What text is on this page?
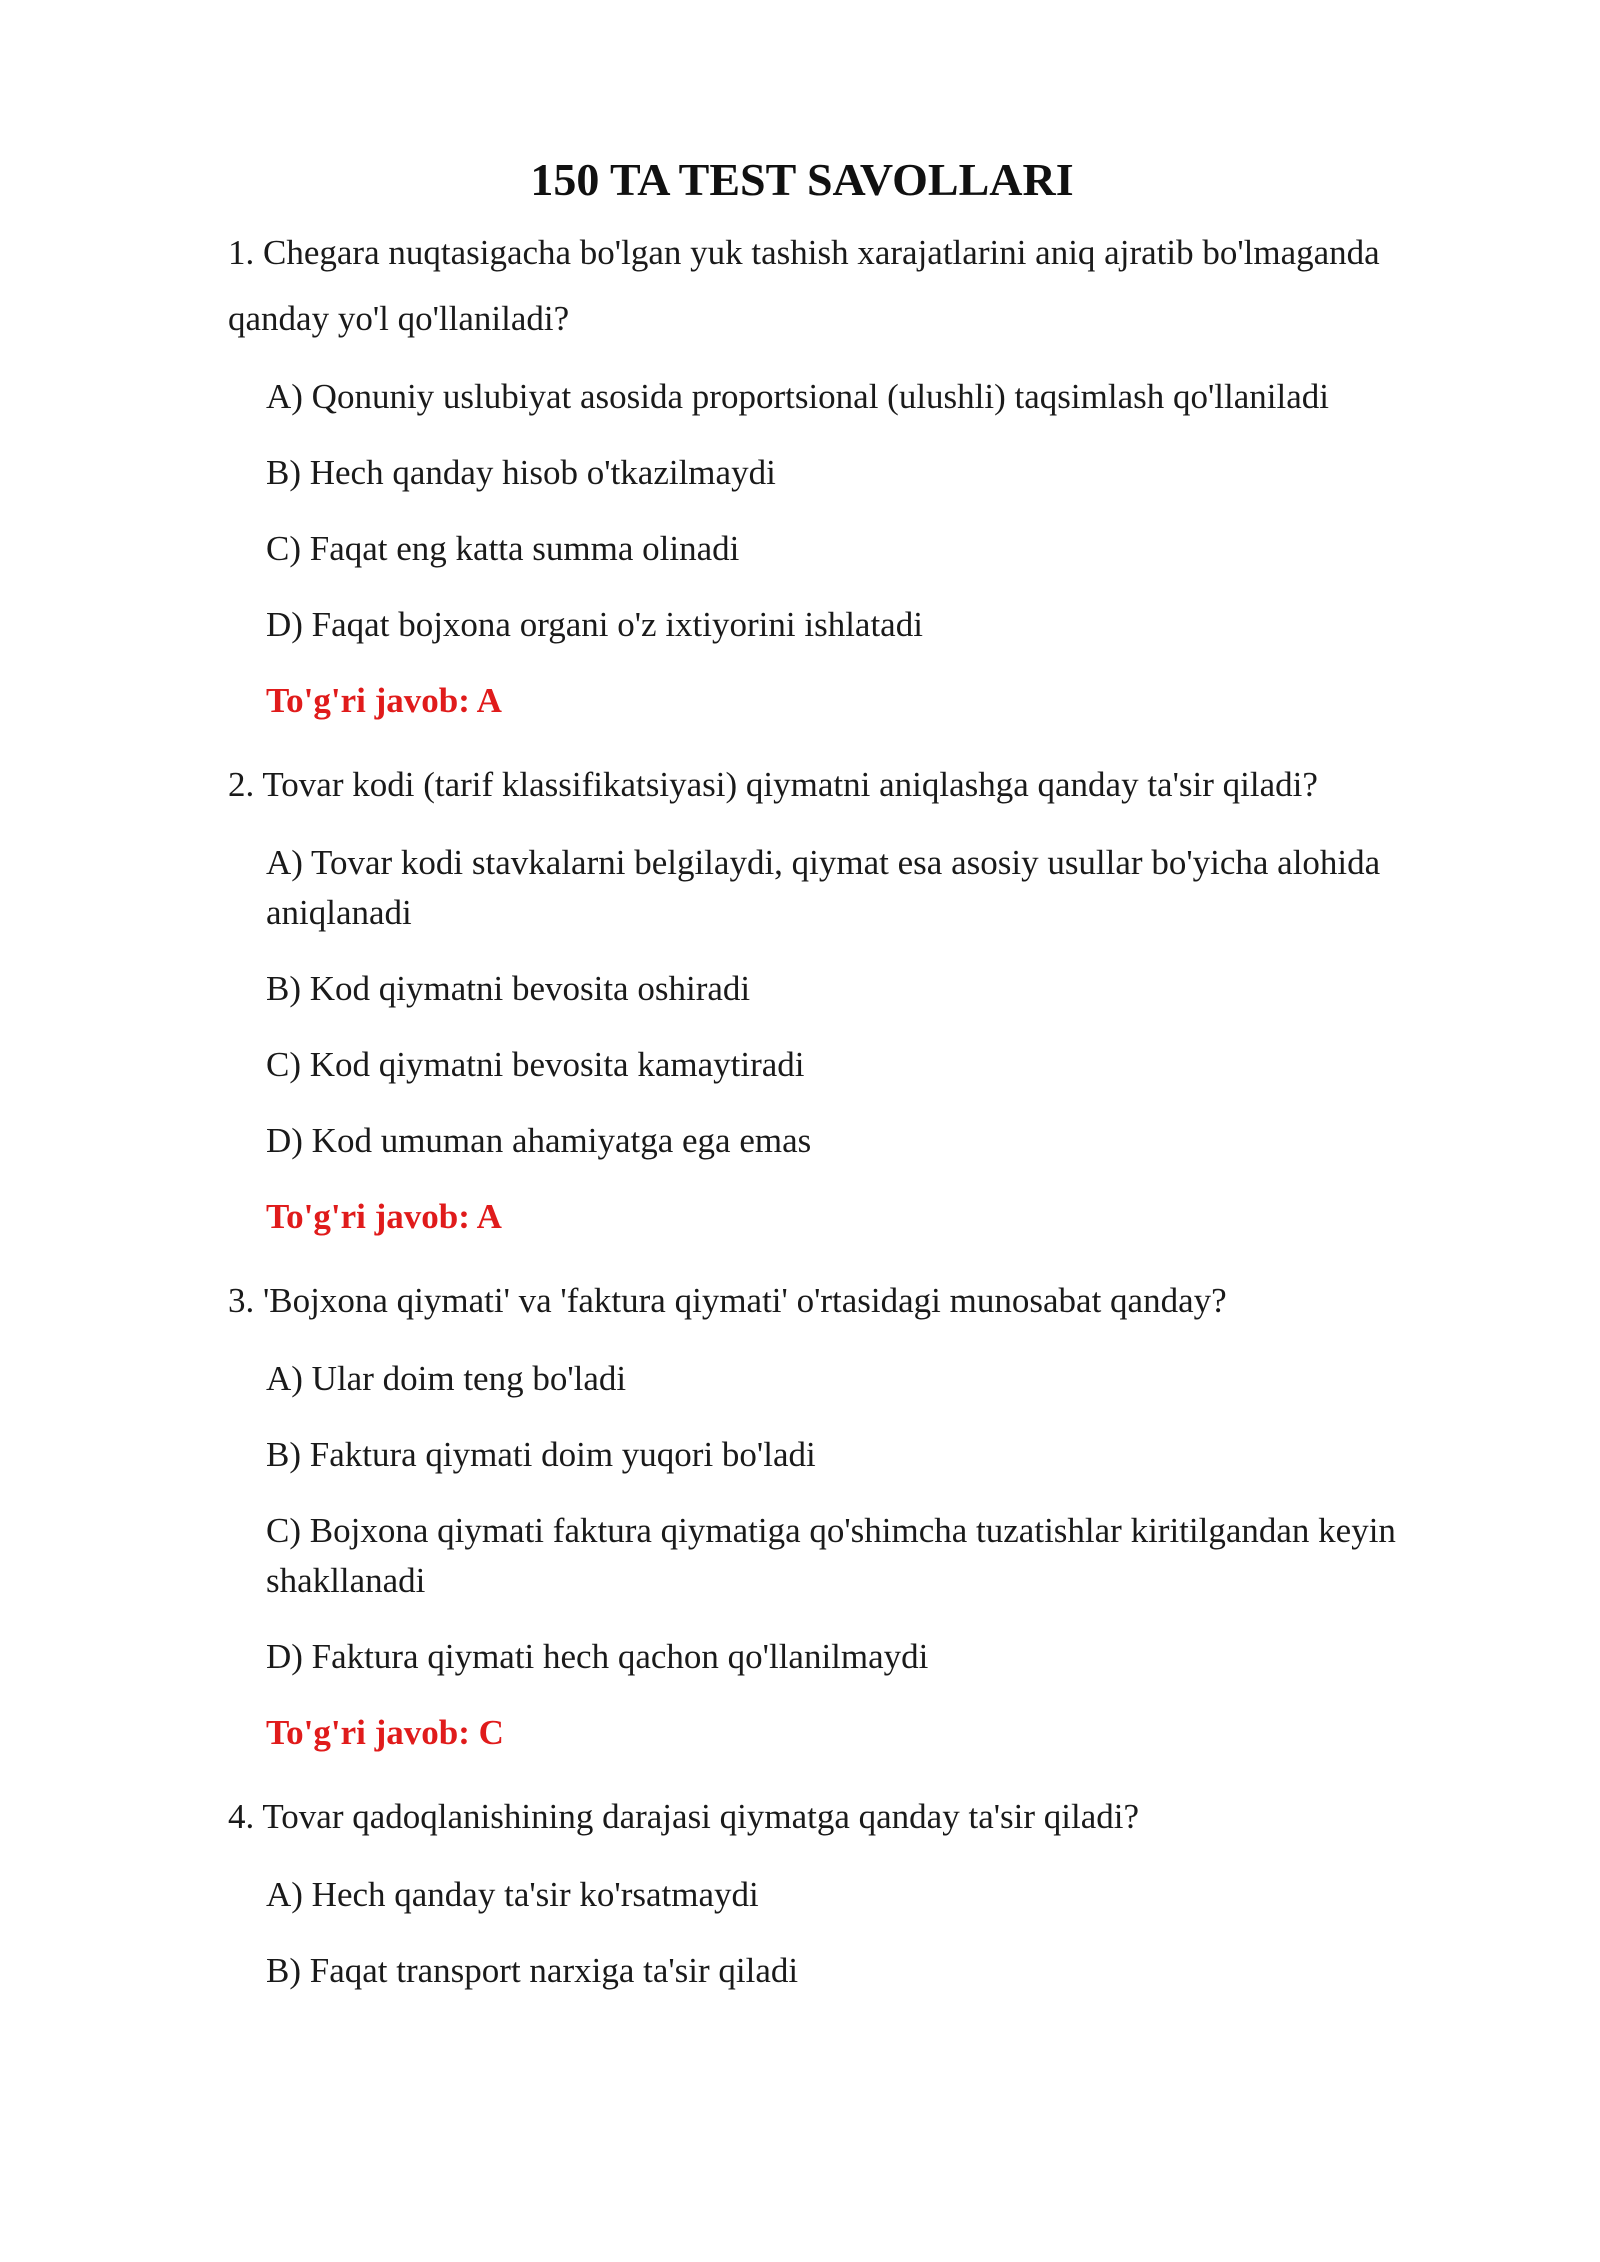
150 TA TEST SAVOLLARI

1. Chegara nuqtasigacha bo'lgan yuk tashish xarajatlarini aniq ajratib bo'lmaganda qanday yo'l qo'llaniladi?

A) Qonuniy uslubiyat asosida proportsional (ulushli) taqsimlash qo'llaniladi
B) Hech qanday hisob o'tkazilmaydi
C) Faqat eng katta summa olinadi
D) Faqat bojxona organi o'z ixtiyorini ishlatadi

To'g'ri javob: A

2. Tovar kodi (tarif klassifikatsiyasi) qiymatni aniqlashga qanday ta'sir qiladi?

A) Tovar kodi stavkalarni belgilaydi, qiymat esa asosiy usullar bo'yicha alohida aniqlanadi
B) Kod qiymatni bevosita oshiradi
C) Kod qiymatni bevosita kamaytiradi
D) Kod umuman ahamiyatga ega emas

To'g'ri javob: A

3. 'Bojxona qiymati' va 'faktura qiymati' o'rtasidagi munosabat qanday?

A) Ular doim teng bo'ladi
B) Faktura qiymati doim yuqori bo'ladi
C) Bojxona qiymati faktura qiymatiga qo'shimcha tuzatishlar kiritilgandan keyin shakllanadi
D) Faktura qiymati hech qachon qo'llanilmaydi

To'g'ri javob: C

4. Tovar qadoqlanishining darajasi qiymatga qanday ta'sir qiladi?

A) Hech qanday ta'sir ko'rsatmaydi
B) Faqat transport narxiga ta'sir qiladi
